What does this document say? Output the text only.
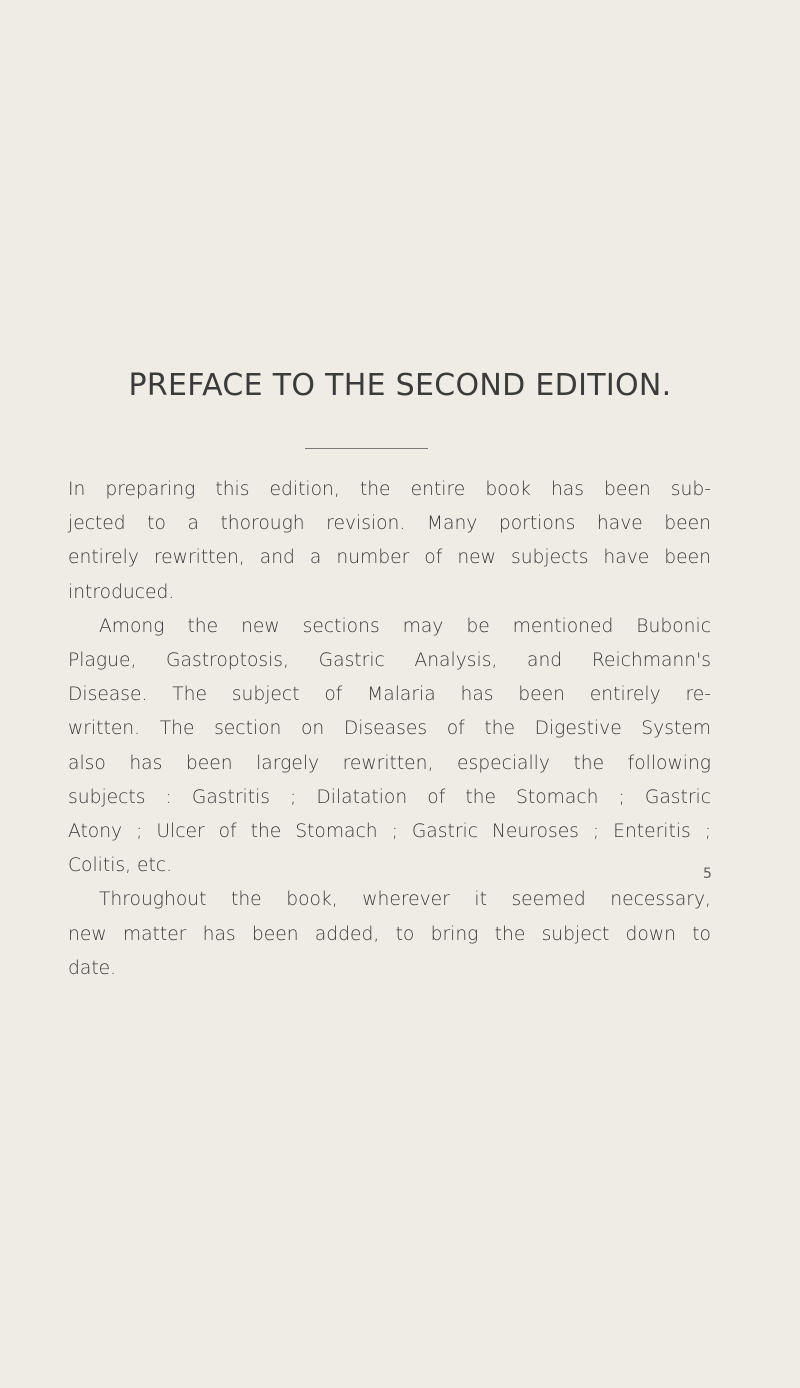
PREFACE TO THE SECOND EDITION.
In preparing this edition, the entire book has been sub-
jected to a thorough revision. Many portions have been
entirely rewritten, and a number of new subjects have been
introduced.
Among the new sections may be mentioned Bubonic
Plague, Gastroptosis, Gastric Analysis, and Reichmann's
Disease. The subject of Malaria has been entirely re-
written. The section on Diseases of the Digestive System
also has been largely rewritten, especially the following
subjects : Gastritis ; Dilatation of the Stomach ; Gastric
Atony ; Ulcer of the Stomach ; Gastric Neuroses ; Enteritis ;
Colitis, etc.
Throughout the book, wherever it seemed necessary,
new matter has been added, to bring the subject down to
date.
5
